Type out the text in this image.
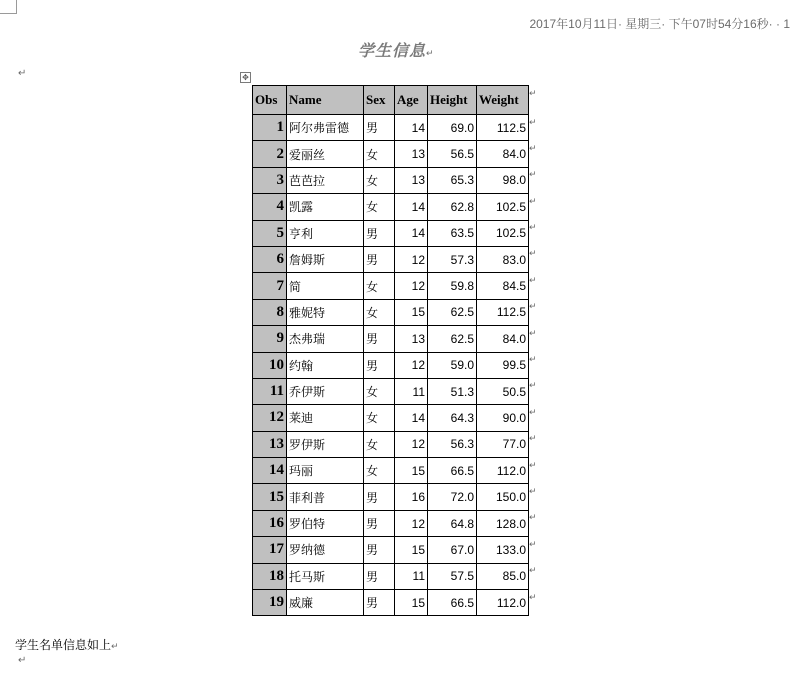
2017年10月11日· 星期三· 下午07时54分16秒· · 1
学生信息↵
↵	✥
Obs	Name	Sex	Age	Height	Weight
1	阿尔弗雷德	男	14	69.0	112.5
2	爱丽丝	女	13	56.5	84.0
3	芭芭拉	女	13	65.3	98.0
4	凯露	女	14	62.8	102.5
5	亨利	男	14	63.5	102.5
6	詹姆斯	男	12	57.3	83.0
7	简	女	12	59.8	84.5
8	雅妮特	女	15	62.5	112.5
9	杰弗瑞	男	13	62.5	84.0
10	约翰	男	12	59.0	99.5
11	乔伊斯	女	11	51.3	50.5
12	莱迪	女	14	64.3	90.0
13	罗伊斯	女	12	56.3	77.0
14	玛丽	女	15	66.5	112.0
15	菲利普	男	16	72.0	150.0
16	罗伯特	男	12	64.8	128.0
17	罗纳德	男	15	67.0	133.0
18	托马斯	男	11	57.5	85.0
19	威廉	男	15	66.5	112.0
↵
↵
↵
↵
↵
↵
↵
↵
↵
↵
↵
↵
↵
↵
↵
↵
↵
↵
↵
↵
学生名单信息如上↵
↵
